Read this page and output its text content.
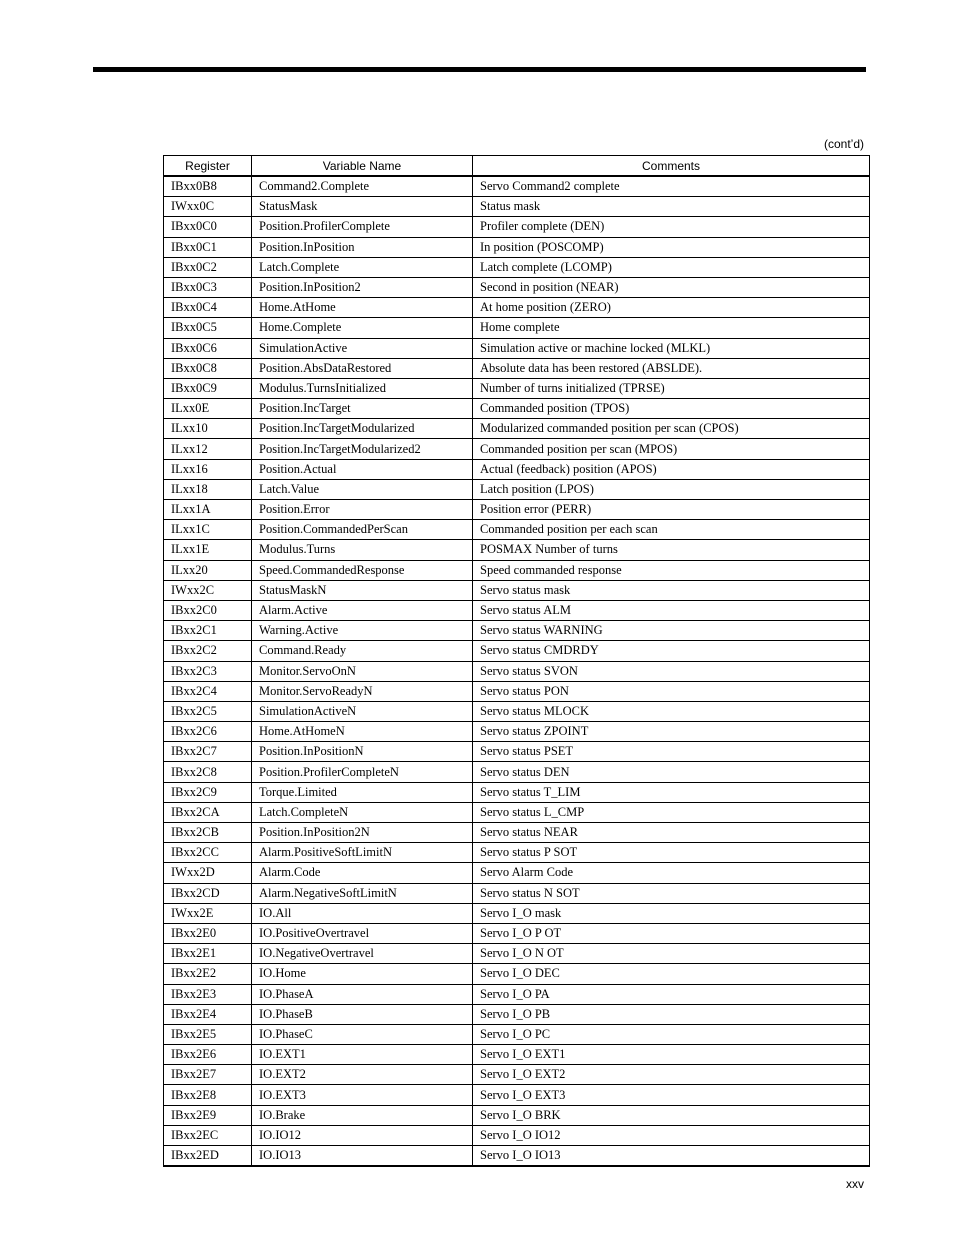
(cont’d)
Register	Variable Name	Comments
IBxx0B8	Command2.Complete	Servo Command2 complete
IWxx0C	StatusMask	Status mask
IBxx0C0	Position.ProfilerComplete	Profiler complete (DEN)
IBxx0C1	Position.InPosition	In position (POSCOMP)
IBxx0C2	Latch.Complete	Latch complete (LCOMP)
IBxx0C3	Position.InPosition2	Second in position (NEAR)
IBxx0C4	Home.AtHome	At home position (ZERO)
IBxx0C5	Home.Complete	Home complete
IBxx0C6	SimulationActive	Simulation active or machine locked (MLKL)
IBxx0C8	Position.AbsDataRestored	Absolute data has been restored (ABSLDE).
IBxx0C9	Modulus.TurnsInitialized	Number of turns initialized (TPRSE)
ILxx0E	Position.IncTarget	Commanded position (TPOS)
ILxx10	Position.IncTargetModularized	Modularized commanded position per scan (CPOS)
ILxx12	Position.IncTargetModularized2	Commanded position per scan (MPOS)
ILxx16	Position.Actual	Actual (feedback) position (APOS)
ILxx18	Latch.Value	Latch position (LPOS)
ILxx1A	Position.Error	Position error (PERR)
ILxx1C	Position.CommandedPerScan	Commanded position per each scan
ILxx1E	Modulus.Turns	POSMAX Number of turns
ILxx20	Speed.CommandedResponse	Speed commanded response
IWxx2C	StatusMaskN	Servo status mask
IBxx2C0	Alarm.Active	Servo status ALM
IBxx2C1	Warning.Active	Servo status WARNING
IBxx2C2	Command.Ready	Servo status CMDRDY
IBxx2C3	Monitor.ServoOnN	Servo status SVON
IBxx2C4	Monitor.ServoReadyN	Servo status PON
IBxx2C5	SimulationActiveN	Servo status MLOCK
IBxx2C6	Home.AtHomeN	Servo status ZPOINT
IBxx2C7	Position.InPositionN	Servo status PSET
IBxx2C8	Position.ProfilerCompleteN	Servo status DEN
IBxx2C9	Torque.Limited	Servo status T_LIM
IBxx2CA	Latch.CompleteN	Servo status L_CMP
IBxx2CB	Position.InPosition2N	Servo status NEAR
IBxx2CC	Alarm.PositiveSoftLimitN	Servo status P SOT
IWxx2D	Alarm.Code	Servo Alarm Code
IBxx2CD	Alarm.NegativeSoftLimitN	Servo status N SOT
IWxx2E	IO.All	Servo I_O mask
IBxx2E0	IO.PositiveOvertravel	Servo I_O P OT
IBxx2E1	IO.NegativeOvertravel	Servo I_O N OT
IBxx2E2	IO.Home	Servo I_O DEC
IBxx2E3	IO.PhaseA	Servo I_O PA
IBxx2E4	IO.PhaseB	Servo I_O PB
IBxx2E5	IO.PhaseC	Servo I_O PC
IBxx2E6	IO.EXT1	Servo I_O EXT1
IBxx2E7	IO.EXT2	Servo I_O EXT2
IBxx2E8	IO.EXT3	Servo I_O EXT3
IBxx2E9	IO.Brake	Servo I_O BRK
IBxx2EC	IO.IO12	Servo I_O IO12
IBxx2ED	IO.IO13	Servo I_O IO13
xxv
